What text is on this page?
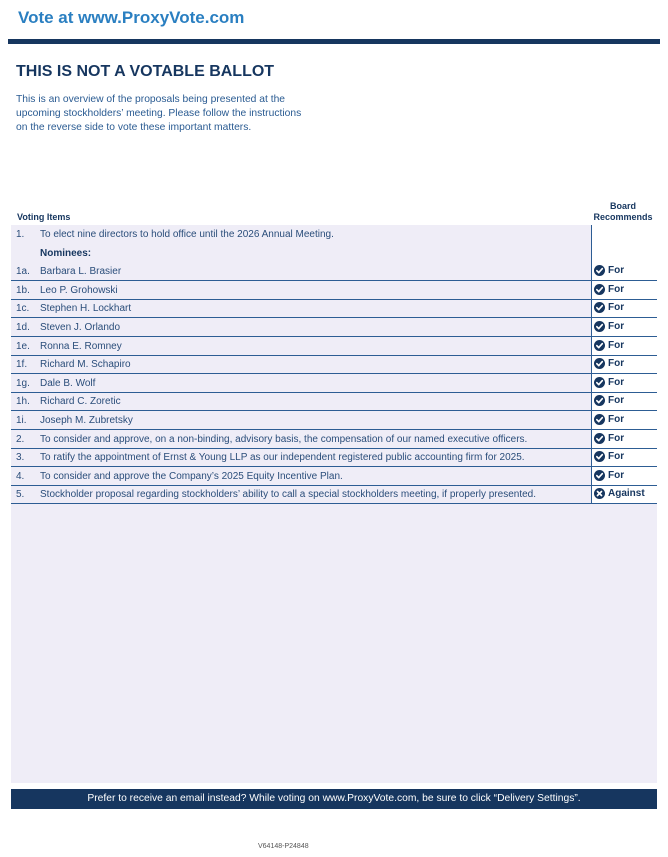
Vote at www.ProxyVote.com
THIS IS NOT A VOTABLE BALLOT
This is an overview of the proposals being presented at the
upcoming stockholders’ meeting. Please follow the instructions
on the reverse side to vote these important matters.
Voting Items
Board
Recommends
1. To elect nine directors to hold office until the 2026 Annual Meeting.
Nominees:
1a. Barbara L. Brasier	For
1b. Leo P. Grohowski	For
1c. Stephen H. Lockhart	For
1d. Steven J. Orlando	For
1e. Ronna E. Romney	For
1f. Richard M. Schapiro	For
1g. Dale B. Wolf	For
1h. Richard C. Zoretic	For
1i. Joseph M. Zubretsky	For
2. To consider and approve, on a non-binding, advisory basis, the compensation of our named executive officers.	For
3. To ratify the appointment of Ernst & Young LLP as our independent registered public accounting firm for 2025.	For
4. To consider and approve the Company’s 2025 Equity Incentive Plan.	For
5. Stockholder proposal regarding stockholders’ ability to call a special stockholders meeting, if properly presented.	Against
Prefer to receive an email instead? While voting on www.ProxyVote.com, be sure to click “Delivery Settings”.
V64148-P24848
